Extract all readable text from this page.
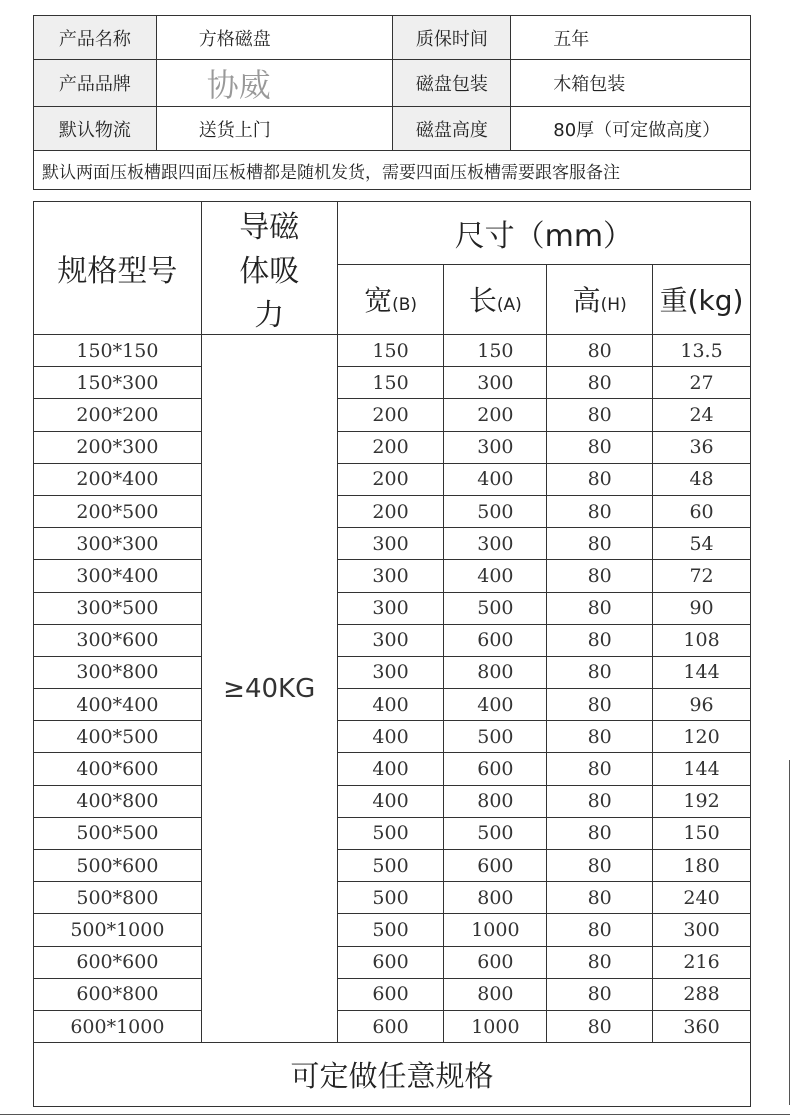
产品名称	方格磁盘	质保时间	五年
产品品牌	协威	磁盘包装	木箱包装
默认物流	送货上门	磁盘高度	80厚（可定做高度）
默认两面压板槽跟四面压板槽都是随机发货，需要四面压板槽需要跟客服备注			
规格型号	导磁体吸力	尺寸（mm）			
		宽(B)	长(A)	高(H)	重(kg)
150*150	≥40KG	150	150	80	13.5
150*300		150	300	80	27
200*200		200	200	80	24
200*300		200	300	80	36
200*400		200	400	80	48
200*500		200	500	80	60
300*300		300	300	80	54
300*400		300	400	80	72
300*500		300	500	80	90
300*600		300	600	80	108
300*800		300	800	80	144
400*400		400	400	80	96
400*500		400	500	80	120
400*600		400	600	80	144
400*800		400	800	80	192
500*500		500	500	80	150
500*600		500	600	80	180
500*800		500	800	80	240
500*1000		500	1000	80	300
600*600		600	600	80	216
600*800		600	800	80	288
600*1000		600	1000	80	360
可定做任意规格					
